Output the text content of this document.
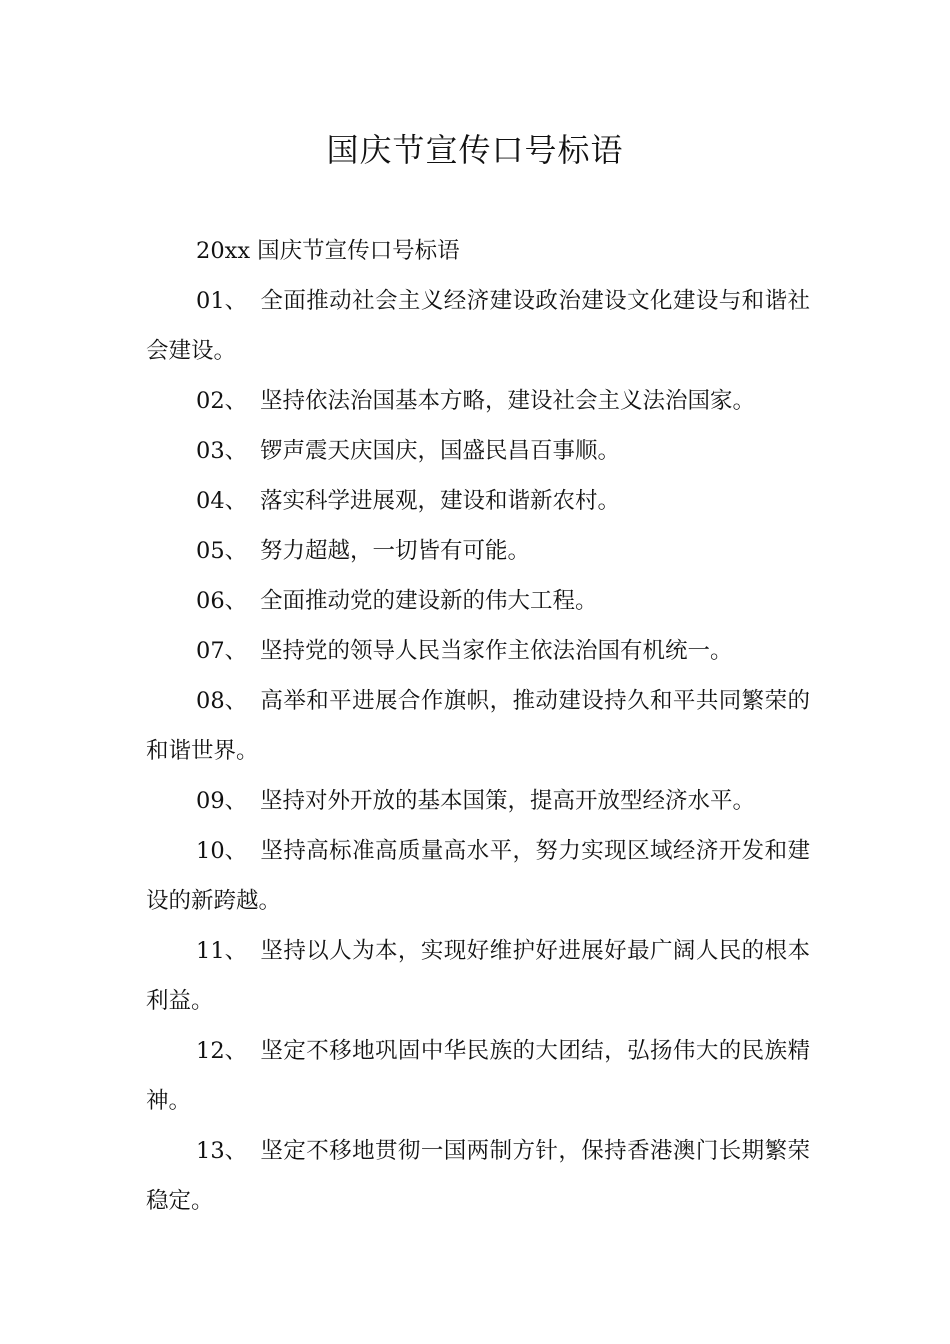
国庆节宣传口号标语

20xx 国庆节宣传口号标语

01、 全面推动社会主义经济建设政治建设文化建设与和谐社会建设。

02、 坚持依法治国基本方略，建设社会主义法治国家。

03、 锣声震天庆国庆，国盛民昌百事顺。

04、 落实科学进展观，建设和谐新农村。

05、 努力超越，一切皆有可能。

06、 全面推动党的建设新的伟大工程。

07、 坚持党的领导人民当家作主依法治国有机统一。

08、 高举和平进展合作旗帜，推动建设持久和平共同繁荣的和谐世界。

09、 坚持对外开放的基本国策，提高开放型经济水平。

10、 坚持高标准高质量高水平，努力实现区域经济开发和建设的新跨越。

11、 坚持以人为本，实现好维护好进展好最广阔人民的根本利益。

12、 坚定不移地巩固中华民族的大团结，弘扬伟大的民族精神。

13、 坚定不移地贯彻一国两制方针，保持香港澳门长期繁荣稳定。
